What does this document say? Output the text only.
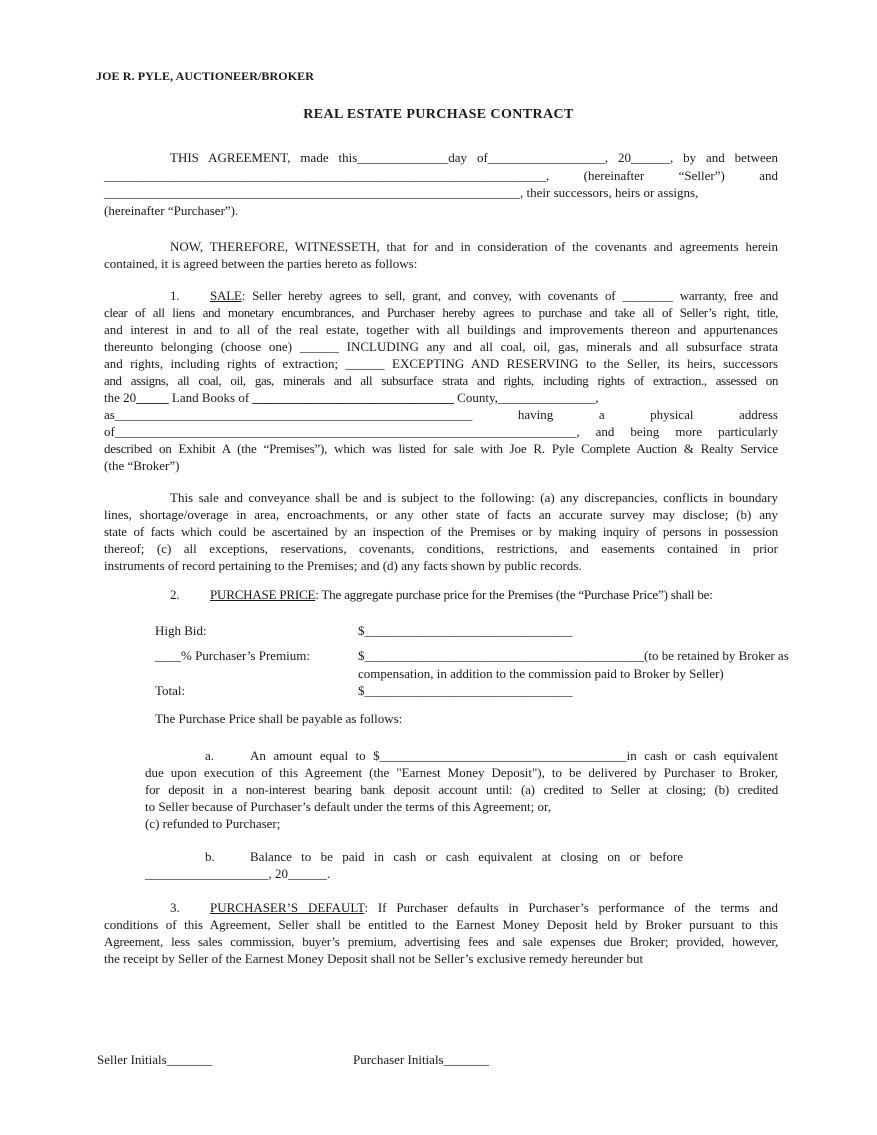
JOE R. PYLE, AUCTIONEER/BROKER
REAL ESTATE PURCHASE CONTRACT
THIS AGREEMENT, made this______________day of__________________, 20______, by and between
____________________________________________________________________, (hereinafter “Seller”) and
________________________________________________________________, their successors, heirs or assigns,
(hereinafter “Purchaser”).
NOW, THEREFORE, WITNESSETH, that for and in consideration of the covenants and agreements herein
contained, it is agreed between the parties hereto as follows:
1. SALE: Seller hereby agrees to sell, grant, and convey, with covenants of ________ warranty, free and
clear of all liens and monetary encumbrances, and Purchaser hereby agrees to purchase and take all of Seller’s right, title,
and interest in and to all of the real estate, together with all buildings and improvements thereon and appurtenances
thereunto belonging (choose one) ______ INCLUDING any and all coal, oil, gas, minerals and all subsurface strata
and rights, including rights of extraction; ______ EXCEPTING AND RESERVING to the Seller, its heirs, successors
and assigns, all coal, oil, gas, minerals and all subsurface strata and rights, including rights of extraction., assessed on
the 20_____ Land Books of _______________________________ County,_______________,
as_______________________________________________________ having a physical address
of_______________________________________________________________________, and being more particularly
described on Exhibit A (the “Premises”), which was listed for sale with Joe R. Pyle Complete Auction & Realty Service
(the “Broker”)
This sale and conveyance shall be and is subject to the following: (a) any discrepancies, conflicts in boundary
lines, shortage/overage in area, encroachments, or any other state of facts an accurate survey may disclose; (b) any
state of facts which could be ascertained by an inspection of the Premises or by making inquiry of persons in possession
thereof; (c) all exceptions, reservations, covenants, conditions, restrictions, and easements contained in prior
instruments of record pertaining to the Premises; and (d) any facts shown by public records.
2. PURCHASE PRICE: The aggregate purchase price for the Premises (the “Purchase Price”) shall be:
High Bid:	$________________________________
____% Purchaser’s Premium:	$___________________________________________(to be retained by Broker as
compensation, in addition to the commission paid to Broker by Seller)
Total:	$________________________________
The Purchase Price shall be payable as follows:
a.	An amount equal to $______________________________________in cash or cash equivalent
due upon execution of this Agreement (the "Earnest Money Deposit"), to be delivered by Purchaser to Broker,
for deposit in a non-interest bearing bank deposit account until: (a) credited to Seller at closing; (b) credited
to Seller because of Purchaser’s default under the terms of this Agreement; or,
(c) refunded to Purchaser;
b.	Balance to be paid in cash or cash equivalent at closing on or before
___________________, 20______.
3. PURCHASER’S DEFAULT: If Purchaser defaults in Purchaser’s performance of the terms and
conditions of this Agreement, Seller shall be entitled to the Earnest Money Deposit held by Broker pursuant to this
Agreement, less sales commission, buyer’s premium, advertising fees and sale expenses due Broker; provided, however,
the receipt by Seller of the Earnest Money Deposit shall not be Seller’s exclusive remedy hereunder but
Seller Initials_______	Purchaser Initials_______
